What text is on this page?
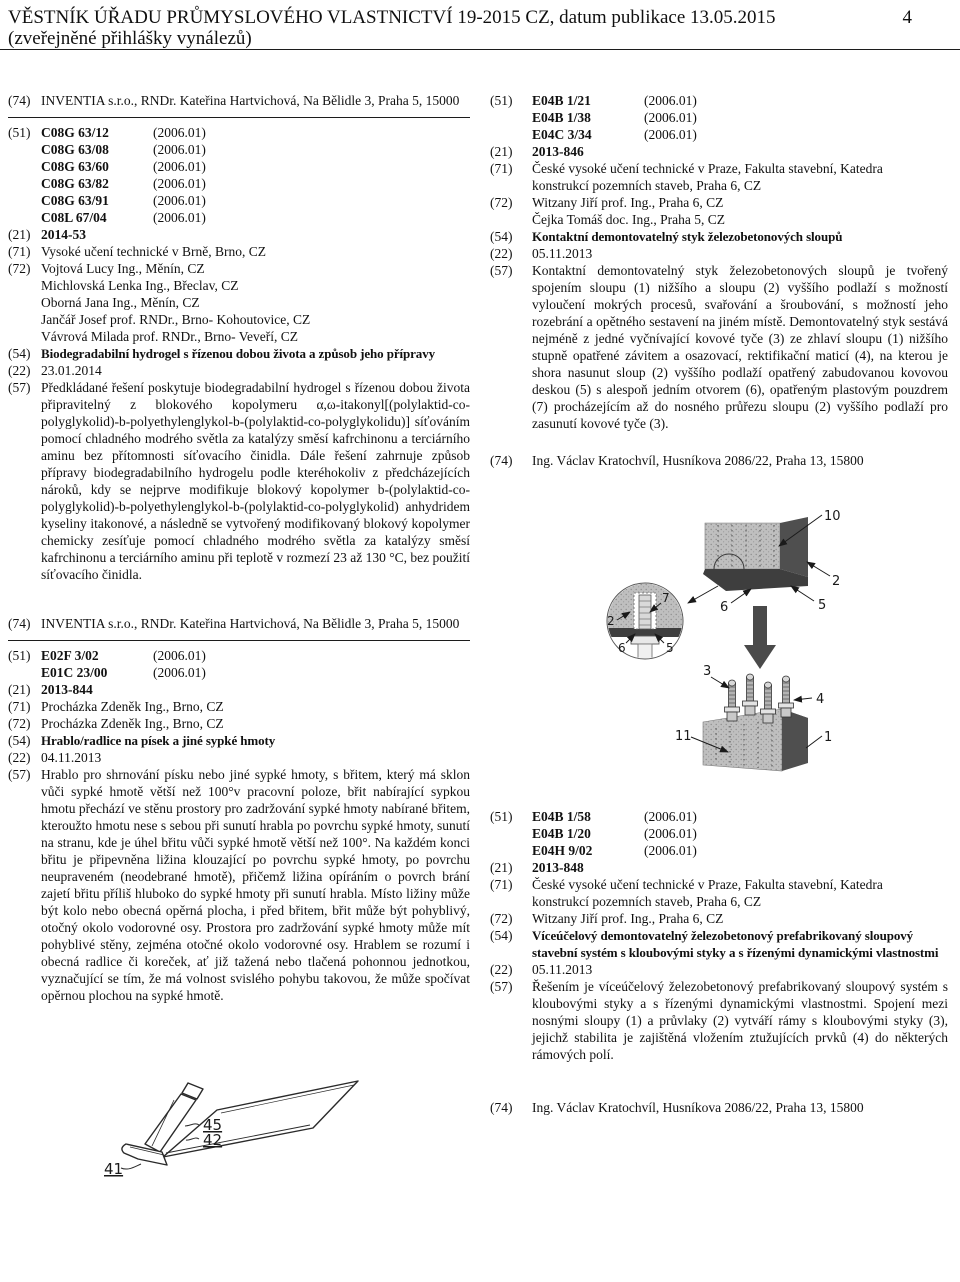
VĚSTNÍK ÚŘADU PRŮMYSLOVÉHO VLASTNICTVÍ 19-2015 CZ, datum publikace 13.05.2015	4
(zveřejněné přihlášky vynálezů)
(74) INVENTIA s.r.o., RNDr. Kateřina Hartvichová, Na Bělidle 3, Praha 5, 15000
(51) C08G 63/12	(2006.01)
C08G 63/08	(2006.01)
C08G 63/60	(2006.01)
C08G 63/82	(2006.01)
C08G 63/91	(2006.01)
C08L 67/04	(2006.01)
(21) 2014-53
(71) Vysoké učení technické v Brně, Brno, CZ
(72) Vojtová Lucy Ing., Měnín, CZ
Michlovská Lenka Ing., Břeclav, CZ
Oborná Jana Ing., Měnín, CZ
Jančář Josef prof. RNDr., Brno- Kohoutovice, CZ
Vávrová Milada prof. RNDr., Brno- Veveří, CZ
(54) Biodegradabilní hydrogel s řízenou dobou života a způsob jeho přípravy
(22) 23.01.2014
(57) Předkládané řešení poskytuje biodegradabilní hydrogel s řízenou dobou života připravitelný z blokového kopolymeru α,ω-itakonyl[(polylaktid-co-polyglykolid)-b-polyethylenglykol-b-(polylaktid-co-polyglykolidu)] síťováním pomocí chladného modrého světla za katalýzy směsí kafrchinonu a terciárního aminu bez přítomnosti síťovacího činidla. Dále řešení zahrnuje způsob přípravy biodegradabilního hydrogelu podle kteréhokoliv z předcházejících nároků, kdy se nejprve modifikuje blokový kopolymer b-(polylaktid-co-polyglykolid)-b-polyethylenglykol-b-(polylaktid-co-polyglykolid) anhydridem kyseliny itakonové, a následně se vytvořený modifikovaný blokový kopolymer chemicky zesíťuje pomocí chladného modrého světla za katalýzy směsí kafrchinonu a terciárního aminu při teplotě v rozmezí 23 až 130 °C, bez použití síťovacího činidla.
(74) INVENTIA s.r.o., RNDr. Kateřina Hartvichová, Na Bělidle 3, Praha 5, 15000
(51) E02F 3/02	(2006.01)
E01C 23/00	(2006.01)
(21) 2013-844
(71) Procházka Zdeněk Ing., Brno, CZ
(72) Procházka Zdeněk Ing., Brno, CZ
(54) Hrablo/radlice na písek a jiné sypké hmoty
(22) 04.11.2013
(57) Hrablo pro shrnování písku nebo jiné sypké hmoty, s břitem, který má sklon vůči sypké hmotě větší než 100°v pracovní poloze, břit nabírající sypkou hmotu přechází ve stěnu prostory pro zadržování sypké hmoty nabírané břitem, kteroužto hmotu nese s sebou při sunutí hrabla po povrchu sypké hmoty, sunutí na stranu, kde je úhel břitu vůči sypké hmotě větší než 100°. Na každém konci břitu je připevněna ližina klouzající po povrchu sypké hmoty, po povrchu neupraveném (neodebrané hmotě), přičemž ližina opíráním o povrch brání zajetí břitu příliš hluboko do sypké hmoty při sunutí hrabla. Místo ližiny může být kolo nebo obecná opěrná plocha, i před břitem, břit může být pohyblivý, otočný okolo vodorovné osy. Prostora pro zadržování sypké hmoty může mít pohyblivé stěny, zejména otočné okolo vodorovné osy. Hrablem se rozumí i obecná radlice či koreček, ať již tažená nebo tlačená pohonnou jednotkou, vyznačující se tím, že má volnost svislého pohybu takovou, že může spočívat opěrnou plochou na sypké hmotě.
45
42
41
(51)	E04B 1/21	(2006.01)
E04B 1/38	(2006.01)
E04C 3/34	(2006.01)
(21)	2013-846
(71)	České vysoké učení technické v Praze, Fakulta stavební, Katedra konstrukcí pozemních staveb, Praha 6, CZ
(72)	Witzany Jiří prof. Ing., Praha 6, CZ
Čejka Tomáš doc. Ing., Praha 5, CZ
(54)	Kontaktní demontovatelný styk železobetonových sloupů
(22)	05.11.2013
(57)	Kontaktní demontovatelný styk železobetonových sloupů je tvořený spojením sloupu (1) nižšího a sloupu (2) vyššího podlaží s možností vyloučení mokrých procesů, svařování a šroubování, s možností jeho rozebrání a opětného sestavení na jiném místě. Demontovatelný styk sestává nejméně z jedné vyčnívající kovové tyče (3) ze zhlaví sloupu (1) nižšího stupně opatřené závitem a osazovací, rektifikační maticí (4), na kterou je shora nasunut sloup (2) vyššího podlaží opatřený zabudovanou kovovou deskou (5) s alespoň jedním otvorem (6), opatřeným plastovým pouzdrem (7) procházejícím až do nosného průřezu sloupu (2) vyššího podlaží pro zasunutí kovové tyče (3).
(74)	Ing. Václav Kratochvíl, Husníkova 2086/22, Praha 13, 15800
10
2
5
6
7
2
6	5
3
4
11	1
(51)	E04B 1/58	(2006.01)
E04B 1/20	(2006.01)
E04H 9/02	(2006.01)
(21)	2013-848
(71)	České vysoké učení technické v Praze, Fakulta stavební, Katedra konstrukcí pozemních staveb, Praha 6, CZ
(72)	Witzany Jiří prof. Ing., Praha 6, CZ
(54)	Víceúčelový demontovatelný železobetonový prefabrikovaný sloupový stavební systém s kloubovými styky a s řízenými dynamickými vlastnostmi
(22)	05.11.2013
(57)	Řešením je víceúčelový železobetonový prefabrikovaný sloupový systém s kloubovými styky a s řízenými dynamickými vlastnostmi. Spojení mezi nosnými sloupy (1) a průvlaky (2) vytváří rámy s kloubovými styky (3), jejichž stabilita je zajištěná vložením ztužujících prvků (4) do některých rámových polí.
(74)	Ing. Václav Kratochvíl, Husníkova 2086/22, Praha 13, 15800
